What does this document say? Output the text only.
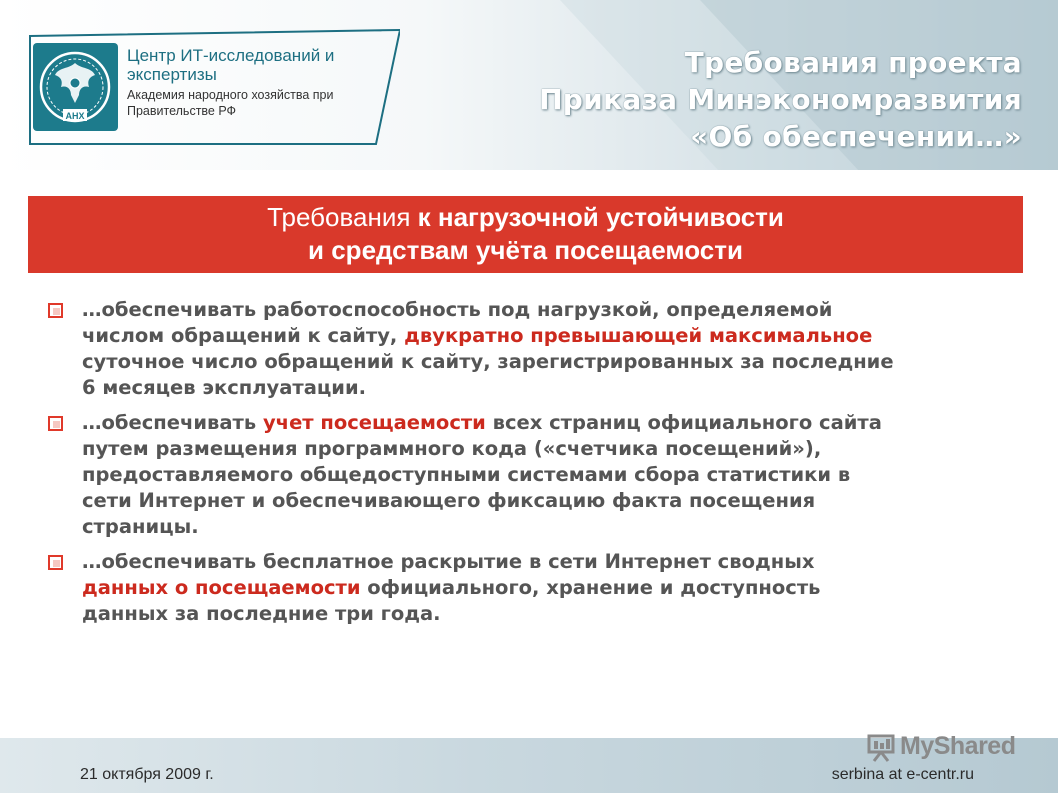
АНХ
Центр ИТ-исследований и экспертизы

Академия народного хозяйства при Правительстве РФ

Требования проекта
Приказа Минэкономразвития
«Об обеспечении…»
Требования к нагрузочной устойчивости
и средствам учёта посещаемости
…обеспечивать работоспособность под нагрузкой, определяемой
числом обращений к сайту, двукратно превышающей максимальное
суточное число обращений к сайту, зарегистрированных за последние
6 месяцев эксплуатации.
…обеспечивать учет посещаемости всех страниц официального сайта
путем размещения программного кода («счетчика посещений»),
предоставляемого общедоступными системами сбора статистики в
сети Интернет и обеспечивающего фиксацию факта посещения
страницы.
…обеспечивать бесплатное раскрытие в сети Интернет сводных
данных о посещаемости официального, хранение и доступность
данных за последние три года.
MyShared
21 октября 2009 г.	serbina at e-centr.ru
